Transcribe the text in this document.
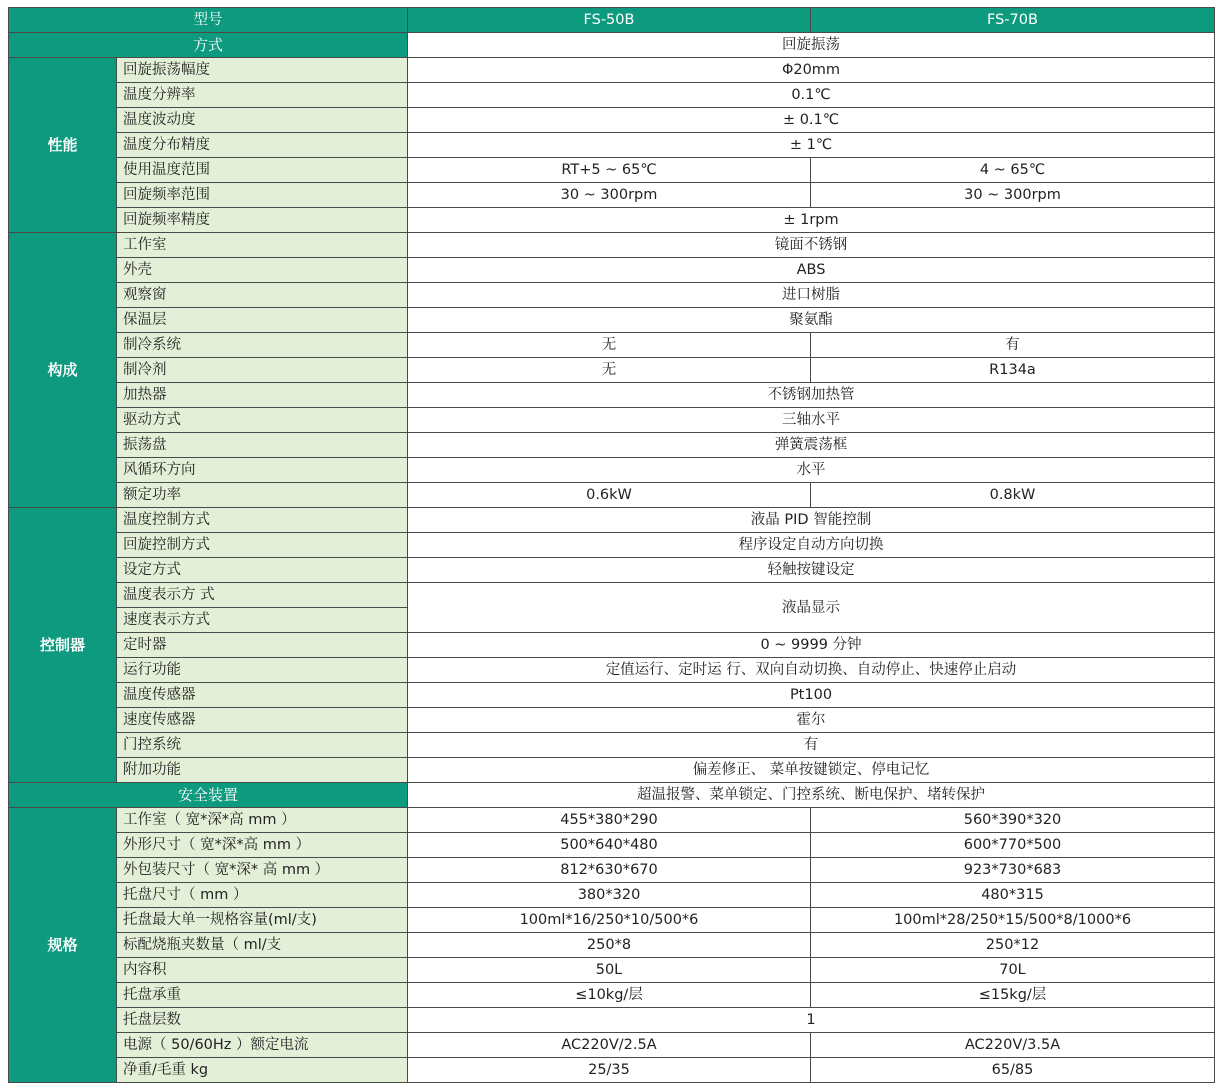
型号		FS-50B	FS-70B
方式		回旋振荡	
性能	回旋振荡幅度	Φ20mm	
	温度分辨率	0.1℃	
	温度波动度	± 0.1℃	
	温度分布精度	± 1℃	
	使用温度范围	RT+5 ~ 65℃	4 ~ 65℃
	回旋频率范围	30 ~ 300rpm	30 ~ 300rpm
	回旋频率精度	± 1rpm	
构成	工作室	镜面不锈钢	
	外壳	ABS	
	观察窗	进口树脂	
	保温层	聚氨酯	
	制冷系统	无	有
	制冷剂	无	R134a
	加热器	不锈钢加热管	
	驱动方式	三轴水平	
	振荡盘	弹簧震荡框	
	风循环方向	水平	
	额定功率	0.6kW	0.8kW
控制器	温度控制方式	液晶 PID 智能控制	
	回旋控制方式	程序设定自动方向切换	
	设定方式	轻触按键设定	
	温度表示方 式	液晶显示	
	速度表示方式		
	定时器	0 ~ 9999 分钟	
	运行功能	定值运行、定时运 行、双向自动切换、自动停止、快速停止启动	
	温度传感器	Pt100	
	速度传感器	霍尔	
	门控系统	有	
	附加功能	偏差修正、 菜单按键锁定、停电记忆	
安全装置		超温报警、菜单锁定、门控系统、断电保护、堵转保护	
规格	工作室（ 宽*深*高 mm ）	455*380*290	560*390*320
	外形尺寸（ 宽*深*高 mm ）	500*640*480	600*770*500
	外包装尺寸（ 宽*深* 高 mm ）	812*630*670	923*730*683
	托盘尺寸（ mm ）	380*320	480*315
	托盘最大单一规格容量(ml/支)	100ml*16/250*10/500*6	100ml*28/250*15/500*8/1000*6
	标配烧瓶夹数量（ ml/支	250*8	250*12
	内容积	50L	70L
	托盘承重	≤10kg/层	≤15kg/层
	托盘层数	1	
	电源（ 50/60Hz ）额定电流	AC220V/2.5A	AC220V/3.5A
	净重/毛重 kg	25/35	65/85
